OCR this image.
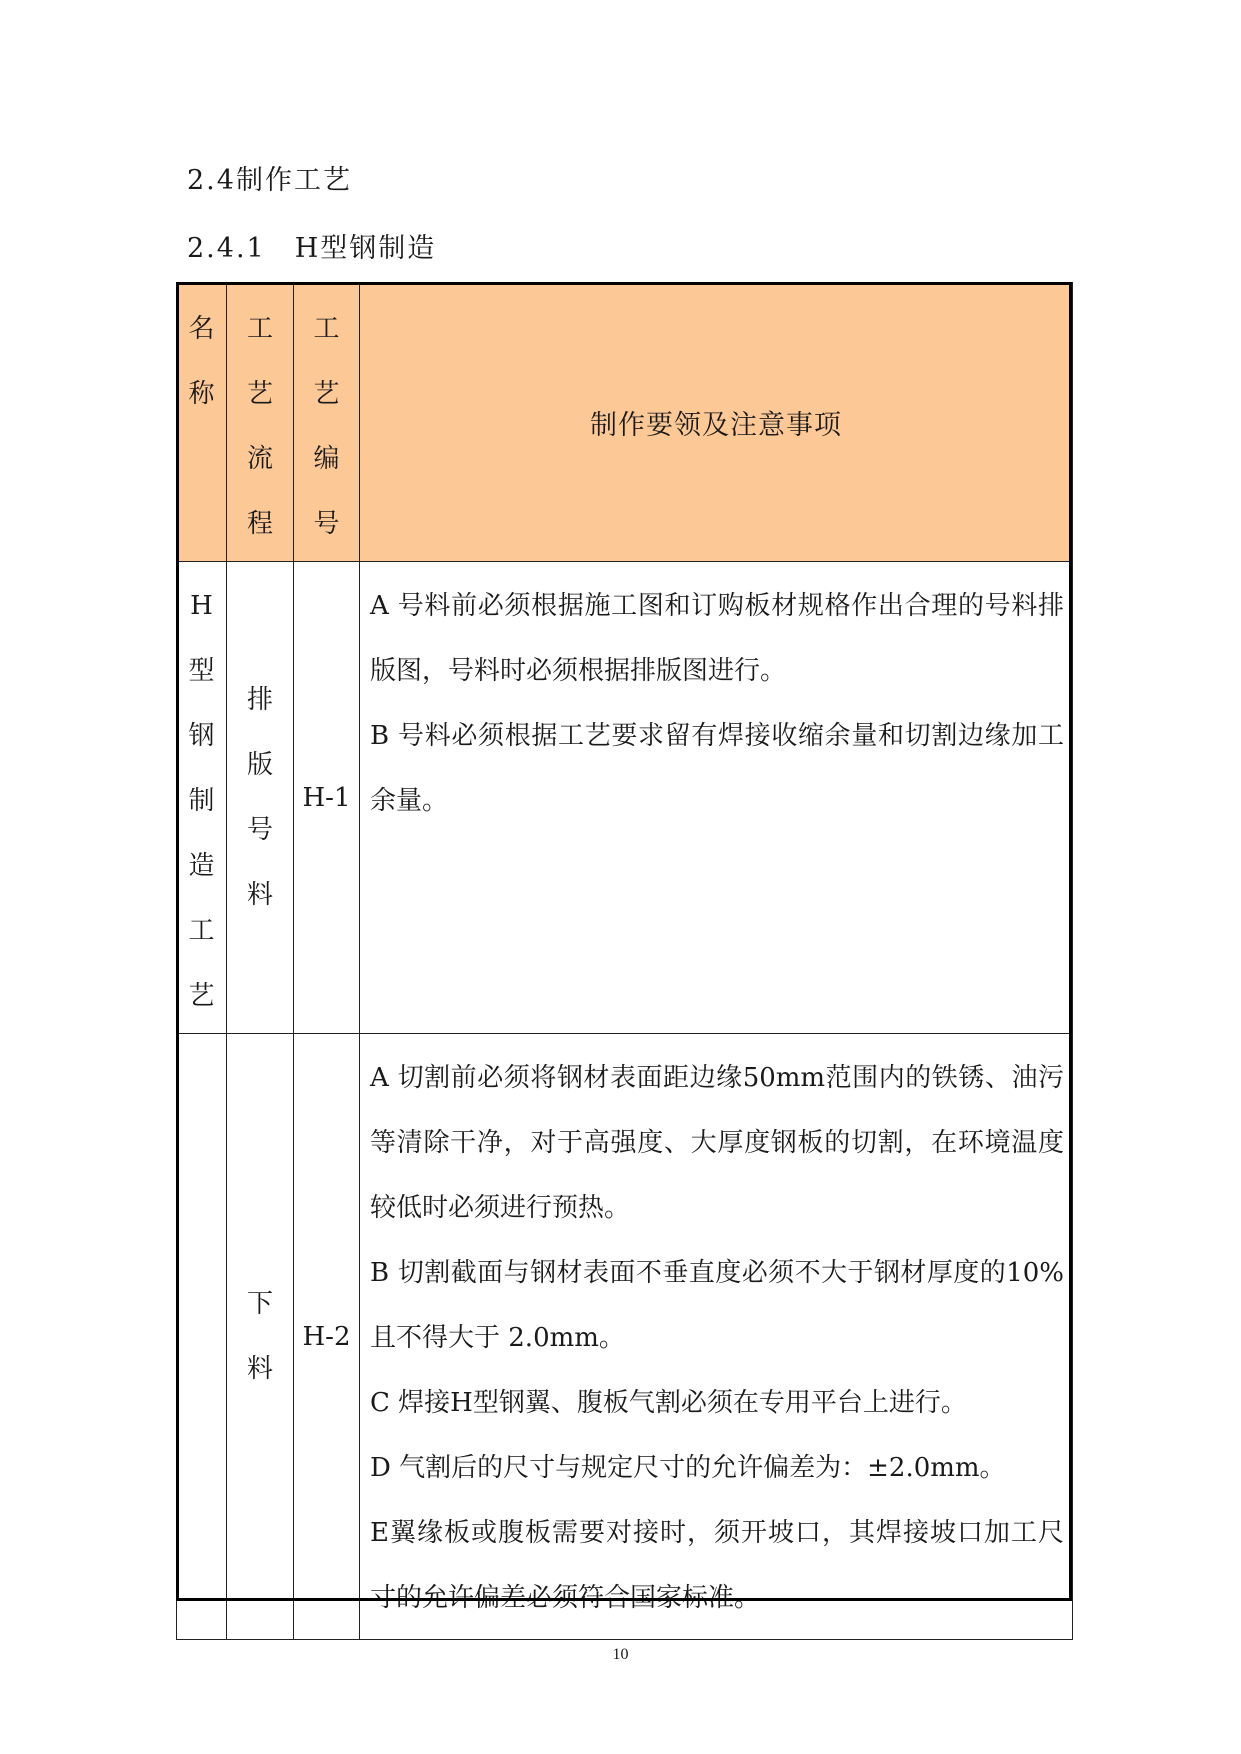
2.4制作工艺
2.4.1　H型钢制造
名称	工艺流程	工艺编号	制作要领及注意事项
H型钢制造工艺	排版号料	H-1	A 号料前必须根据施工图和订购板材规格作出合理的号料排版图，号料时必须根据排版图进行。

B 号料必须根据工艺要求留有焊接收缩余量和切割边缘加工余量。

	下料	H-2	A 切割前必须将钢材表面距边缘50mm范围内的铁锈、油污等清除干净，对于高强度、大厚度钢板的切割，在环境温度较低时必须进行预热。

B 切割截面与钢材表面不垂直度必须不大于钢材厚度的10%且不得大于 2.0mm。

C 焊接H型钢翼、腹板气割必须在专用平台上进行。

D 气割后的尺寸与规定尺寸的允许偏差为：±2.0mm。

E翼缘板或腹板需要对接时，须开坡口，其焊接坡口加工尺寸的允许偏差必须符合国家标准。

10
